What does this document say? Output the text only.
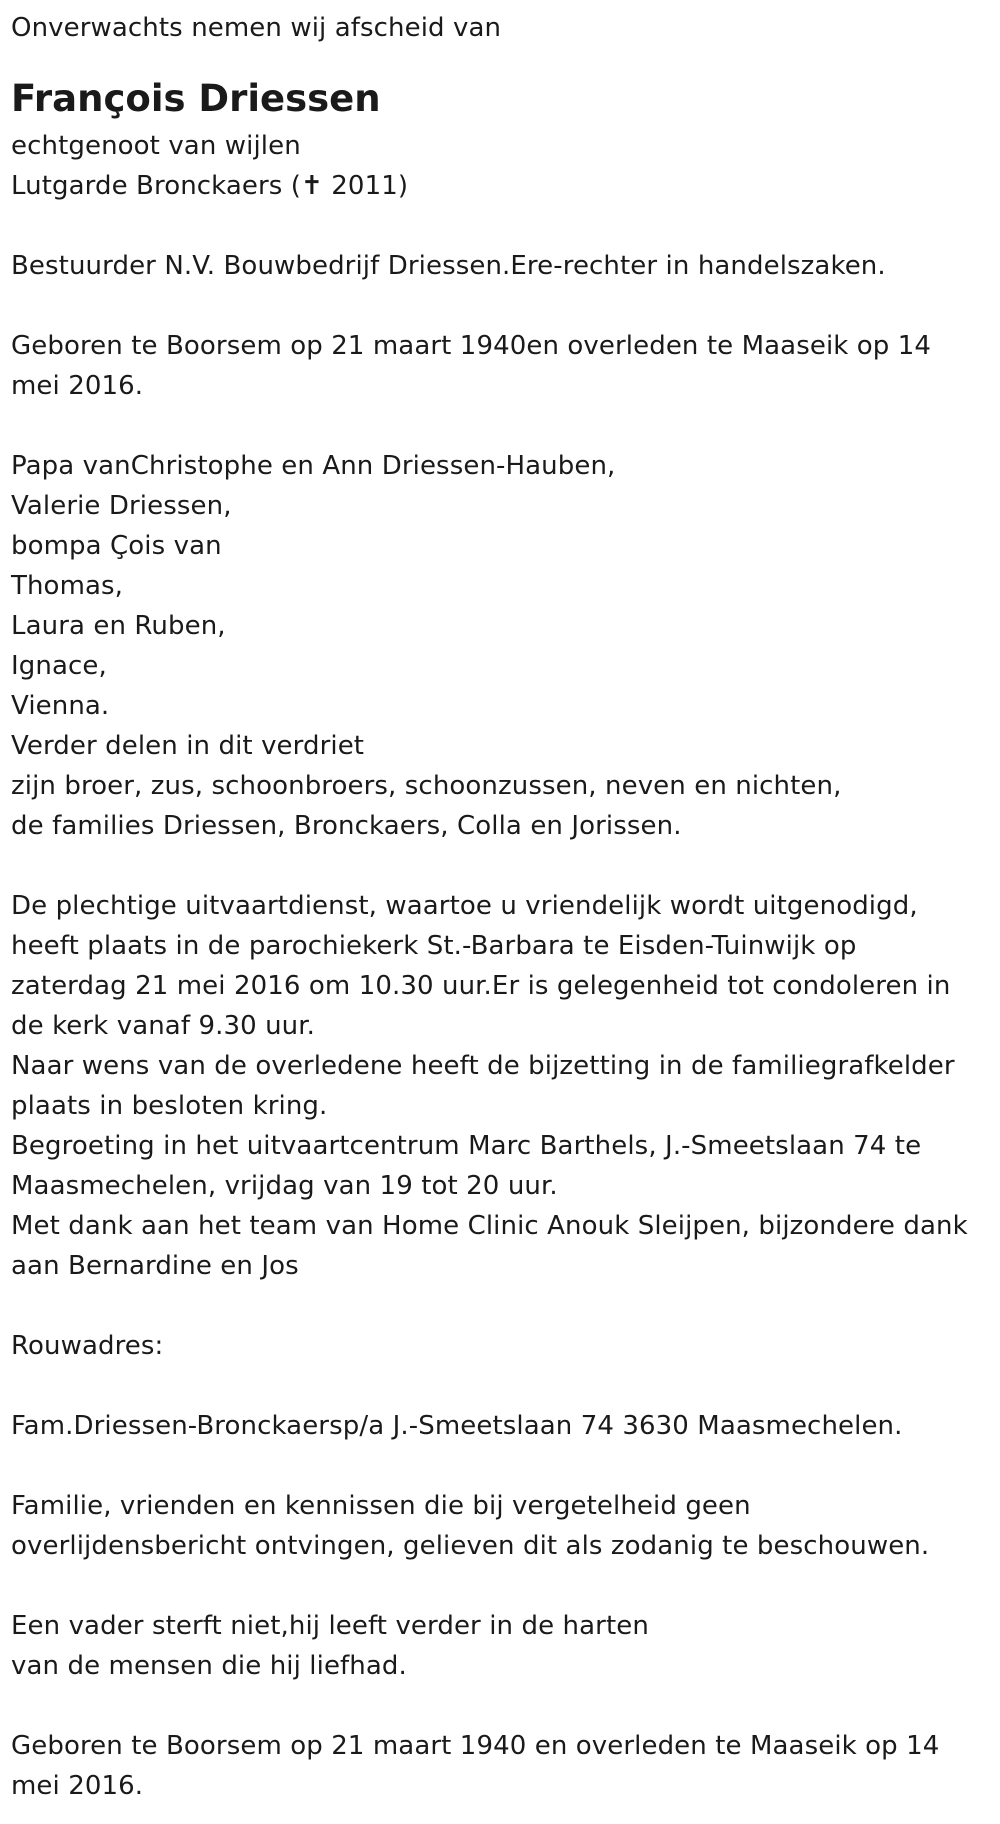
Onverwachts nemen wij afscheid van

François Driessen

echtgenoot van wijlen

Lutgarde Bronckaers (✝ 2011)

Bestuurder N.V. Bouwbedrijf Driessen.Ere-rechter in handelszaken.

Geboren te Boorsem op 21 maart 1940en overleden te Maaseik op 14

mei 2016.

Papa vanChristophe en Ann Driessen-Hauben,

Valerie Driessen,

bompa Çois van

Thomas,

Laura en Ruben,

Ignace,

Vienna.

Verder delen in dit verdriet

zijn broer, zus, schoonbroers, schoonzussen, neven en nichten,

de families Driessen, Bronckaers, Colla en Jorissen.

De plechtige uitvaartdienst, waartoe u vriendelijk wordt uitgenodigd,

heeft plaats in de parochiekerk St.-Barbara te Eisden-Tuinwijk op

zaterdag 21 mei 2016 om 10.30 uur.Er is gelegenheid tot condoleren in

de kerk vanaf 9.30 uur.

Naar wens van de overledene heeft de bijzetting in de familiegrafkelder

plaats in besloten kring.

Begroeting in het uitvaartcentrum Marc Barthels, J.-Smeetslaan 74 te

Maasmechelen, vrijdag van 19 tot 20 uur.

Met dank aan het team van Home Clinic Anouk Sleijpen, bijzondere dank

aan Bernardine en Jos

Rouwadres:

Fam.Driessen-Bronckaersp/a J.-Smeetslaan 74 3630 Maasmechelen.

Familie, vrienden en kennissen die bij vergetelheid geen

overlijdensbericht ontvingen, gelieven dit als zodanig te beschouwen.

Een vader sterft niet,hij leeft verder in de harten

van de mensen die hij liefhad.

Geboren te Boorsem op 21 maart 1940 en overleden te Maaseik op 14

mei 2016.
